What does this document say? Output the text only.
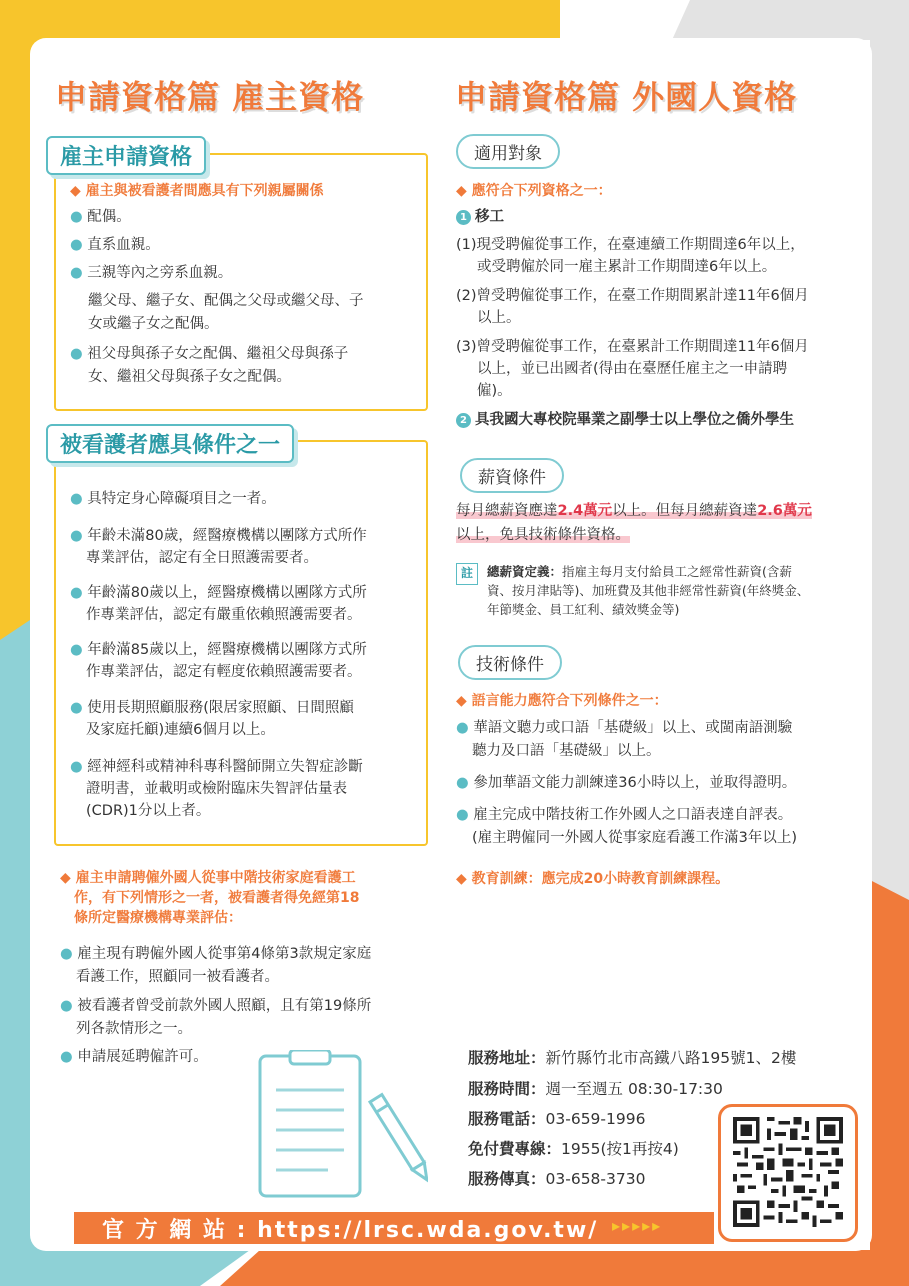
申請資格篇 雇主資格	申請資格篇 外國人資格
雇主申請資格
◆ 雇主與被看護者間應具有下列親屬關係
● 配偶。
● 直系血親。
● 三親等內之旁系血親。
繼父母、繼子女、配偶之父母或繼父母、子
女或繼子女之配偶。
● 祖父母與孫子女之配偶、繼祖父母與孫子
女、繼祖父母與孫子女之配偶。
被看護者應具條件之一
● 具特定身心障礙項目之一者。
● 年齡未滿80歲，經醫療機構以團隊方式所作
專業評估，認定有全日照護需要者。
● 年齡滿80歲以上，經醫療機構以團隊方式所
作專業評估，認定有嚴重依賴照護需要者。
● 年齡滿85歲以上，經醫療機構以團隊方式所
作專業評估，認定有輕度依賴照護需要者。
● 使用長期照顧服務(限居家照顧、日間照顧
及家庭托顧)連續6個月以上。
● 經神經科或精神科專科醫師開立失智症診斷
證明書，並載明或檢附臨床失智評估量表
(CDR)1分以上者。
◆ 雇主申請聘僱外國人從事中階技術家庭看護工
作，有下列情形之一者，被看護者得免經第18
條所定醫療機構專業評估：
● 雇主現有聘僱外國人從事第4條第3款規定家庭
看護工作，照顧同一被看護者。
● 被看護者曾受前款外國人照顧，且有第19條所
列各款情形之一。
● 申請展延聘僱許可。
適用對象
◆ 應符合下列資格之一：
1 移工
(1)現受聘僱從事工作，在臺連續工作期間達6年以上，
或受聘僱於同一雇主累計工作期間達6年以上。
(2)曾受聘僱從事工作，在臺工作期間累計達11年6個月
以上。
(3)曾受聘僱從事工作，在臺累計工作期間達11年6個月
以上，並已出國者(得由在臺歷任雇主之一申請聘
僱)。
2 具我國大專校院畢業之副學士以上學位之僑外學生
薪資條件
每月總薪資應達2.4萬元以上。但每月總薪資達2.6萬元
以上，免具技術條件資格。
註	總薪資定義：指雇主每月支付給員工之經常性薪資(含薪
資、按月津貼等)、加班費及其他非經常性薪資(年終獎金、
年節獎金、員工紅利、績效獎金等)
技術條件
◆ 語言能力應符合下列條件之一：
● 華語文聽力或口語「基礎級」以上、或閩南語測驗
聽力及口語「基礎級」以上。
● 參加華語文能力訓練達36小時以上，並取得證明。
● 雇主完成中階技術工作外國人之口語表達自評表。
(雇主聘僱同一外國人從事家庭看護工作滿3年以上)
◆ 教育訓練：應完成20小時教育訓練課程。
服務地址：新竹縣竹北市高鐵八路195號1、2樓
服務時間：週一至週五 08:30-17:30
服務電話：03-659-1996
免付費專線：1955(按1再按4)
服務傳真：03-658-3730
官 方 網 站 : https://lrsc.wda.gov.tw/ ▸▸▸▸▸
